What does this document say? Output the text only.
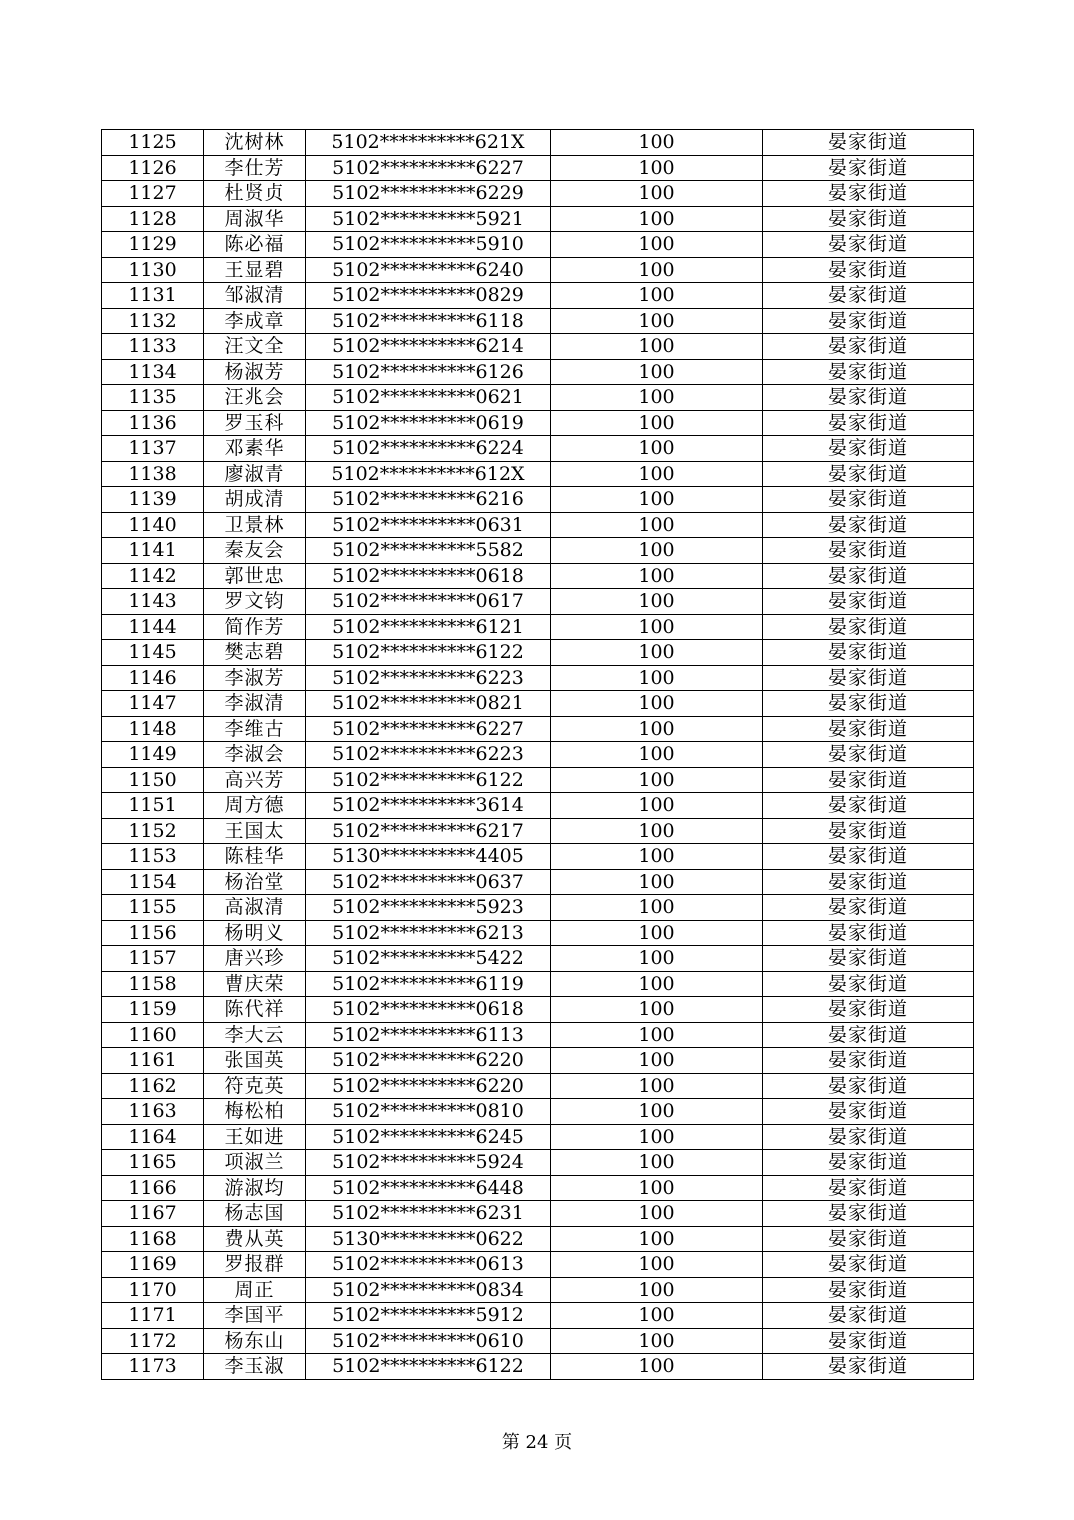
1125	沈树林	5102**********621X	100	晏家街道
1126	李仕芳	5102**********6227	100	晏家街道
1127	杜贤贞	5102**********6229	100	晏家街道
1128	周淑华	5102**********5921	100	晏家街道
1129	陈必福	5102**********5910	100	晏家街道
1130	王显碧	5102**********6240	100	晏家街道
1131	邹淑清	5102**********0829	100	晏家街道
1132	李成章	5102**********6118	100	晏家街道
1133	汪文全	5102**********6214	100	晏家街道
1134	杨淑芳	5102**********6126	100	晏家街道
1135	汪兆会	5102**********0621	100	晏家街道
1136	罗玉科	5102**********0619	100	晏家街道
1137	邓素华	5102**********6224	100	晏家街道
1138	廖淑青	5102**********612X	100	晏家街道
1139	胡成清	5102**********6216	100	晏家街道
1140	卫景林	5102**********0631	100	晏家街道
1141	秦友会	5102**********5582	100	晏家街道
1142	郭世忠	5102**********0618	100	晏家街道
1143	罗文钧	5102**********0617	100	晏家街道
1144	简作芳	5102**********6121	100	晏家街道
1145	樊志碧	5102**********6122	100	晏家街道
1146	李淑芳	5102**********6223	100	晏家街道
1147	李淑清	5102**********0821	100	晏家街道
1148	李维古	5102**********6227	100	晏家街道
1149	李淑会	5102**********6223	100	晏家街道
1150	高兴芳	5102**********6122	100	晏家街道
1151	周方德	5102**********3614	100	晏家街道
1152	王国太	5102**********6217	100	晏家街道
1153	陈桂华	5130**********4405	100	晏家街道
1154	杨治堂	5102**********0637	100	晏家街道
1155	高淑清	5102**********5923	100	晏家街道
1156	杨明义	5102**********6213	100	晏家街道
1157	唐兴珍	5102**********5422	100	晏家街道
1158	曹庆荣	5102**********6119	100	晏家街道
1159	陈代祥	5102**********0618	100	晏家街道
1160	李大云	5102**********6113	100	晏家街道
1161	张国英	5102**********6220	100	晏家街道
1162	符克英	5102**********6220	100	晏家街道
1163	梅松柏	5102**********0810	100	晏家街道
1164	王如进	5102**********6245	100	晏家街道
1165	项淑兰	5102**********5924	100	晏家街道
1166	游淑均	5102**********6448	100	晏家街道
1167	杨志国	5102**********6231	100	晏家街道
1168	费从英	5130**********0622	100	晏家街道
1169	罗报群	5102**********0613	100	晏家街道
1170	周正	5102**********0834	100	晏家街道
1171	李国平	5102**********5912	100	晏家街道
1172	杨东山	5102**********0610	100	晏家街道
1173	李玉淑	5102**********6122	100	晏家街道
第 24 页
